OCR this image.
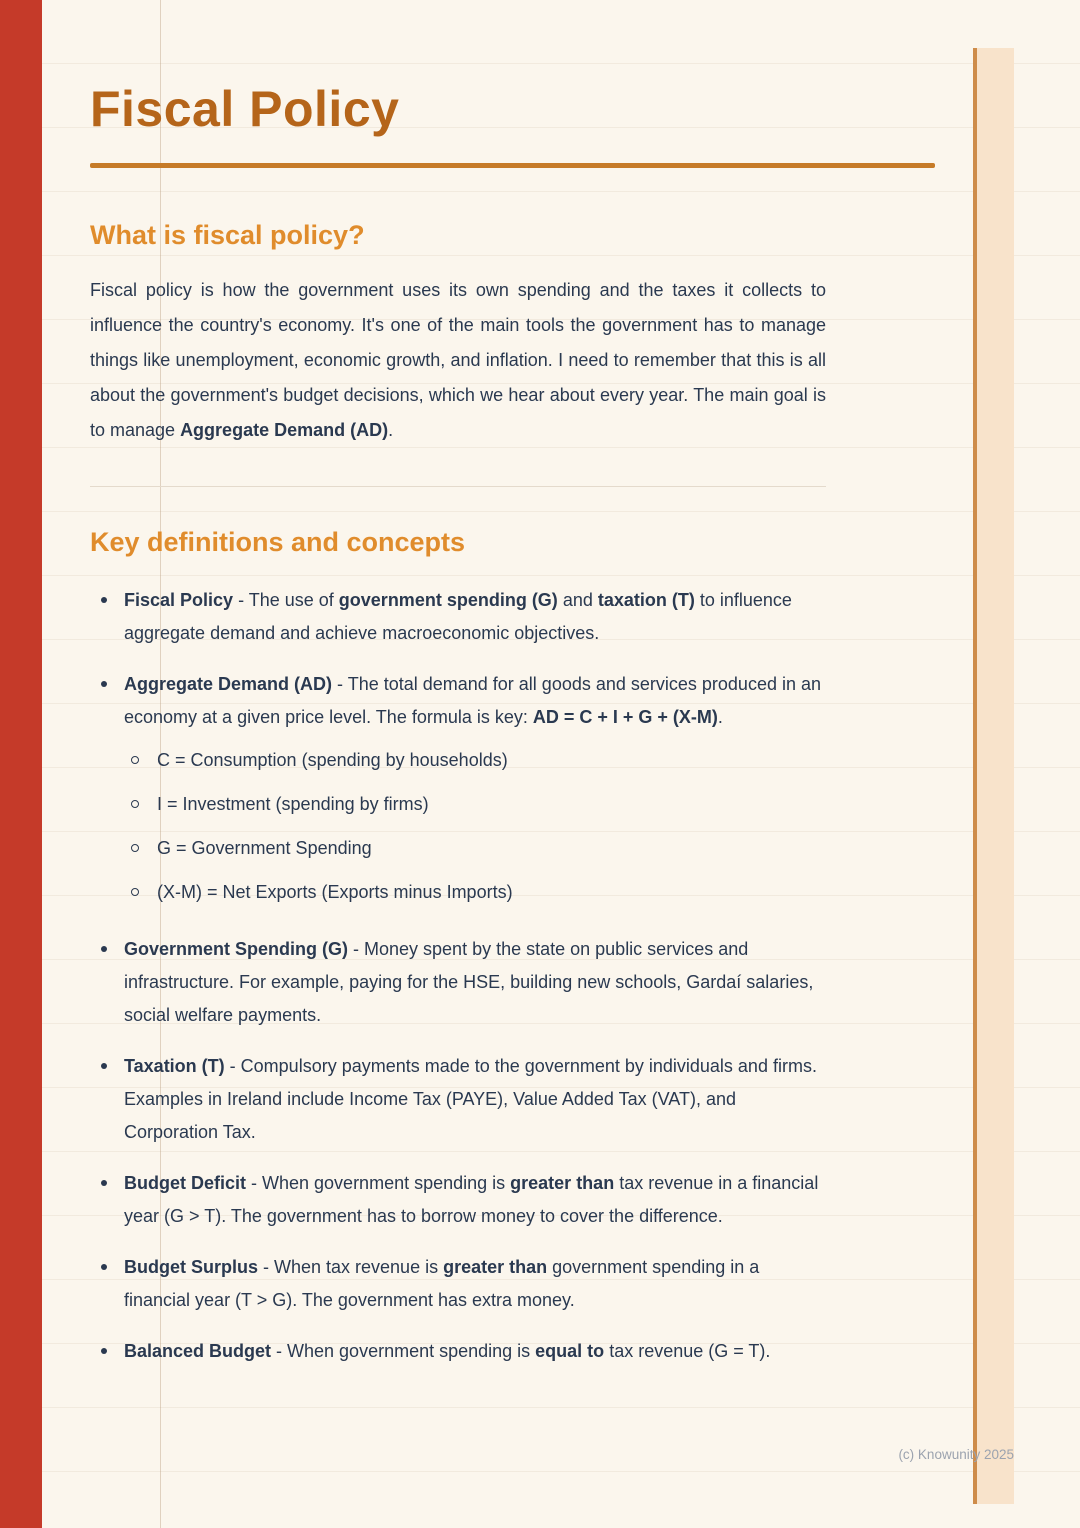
Fiscal Policy
What is fiscal policy?

Fiscal policy is how the government uses its own spending and the taxes it collects to influence the country's economy. It's one of the main tools the government has to manage things like unemployment, economic growth, and inflation. I need to remember that this is all about the government's budget decisions, which we hear about every year. The main goal is to manage Aggregate Demand (AD).

Key definitions and concepts
Fiscal Policy - The use of government spending (G) and taxation (T) to influence aggregate demand and achieve macroeconomic objectives.
Aggregate Demand (AD) - The total demand for all goods and services produced in an economy at a given price level. The formula is key: AD = C + I + G + (X-M).
C = Consumption (spending by households)
I = Investment (spending by firms)
G = Government Spending
(X-M) = Net Exports (Exports minus Imports)
Government Spending (G) - Money spent by the state on public services and infrastructure. For example, paying for the HSE, building new schools, Gardaí salaries, social welfare payments.
Taxation (T) - Compulsory payments made to the government by individuals and firms. Examples in Ireland include Income Tax (PAYE), Value Added Tax (VAT), and Corporation Tax.
Budget Deficit - When government spending is greater than tax revenue in a financial year (G > T). The government has to borrow money to cover the difference.
Budget Surplus - When tax revenue is greater than government spending in a financial year (T > G). The government has extra money.
Balanced Budget - When government spending is equal to tax revenue (G = T).
(c) Knowunity 2025
